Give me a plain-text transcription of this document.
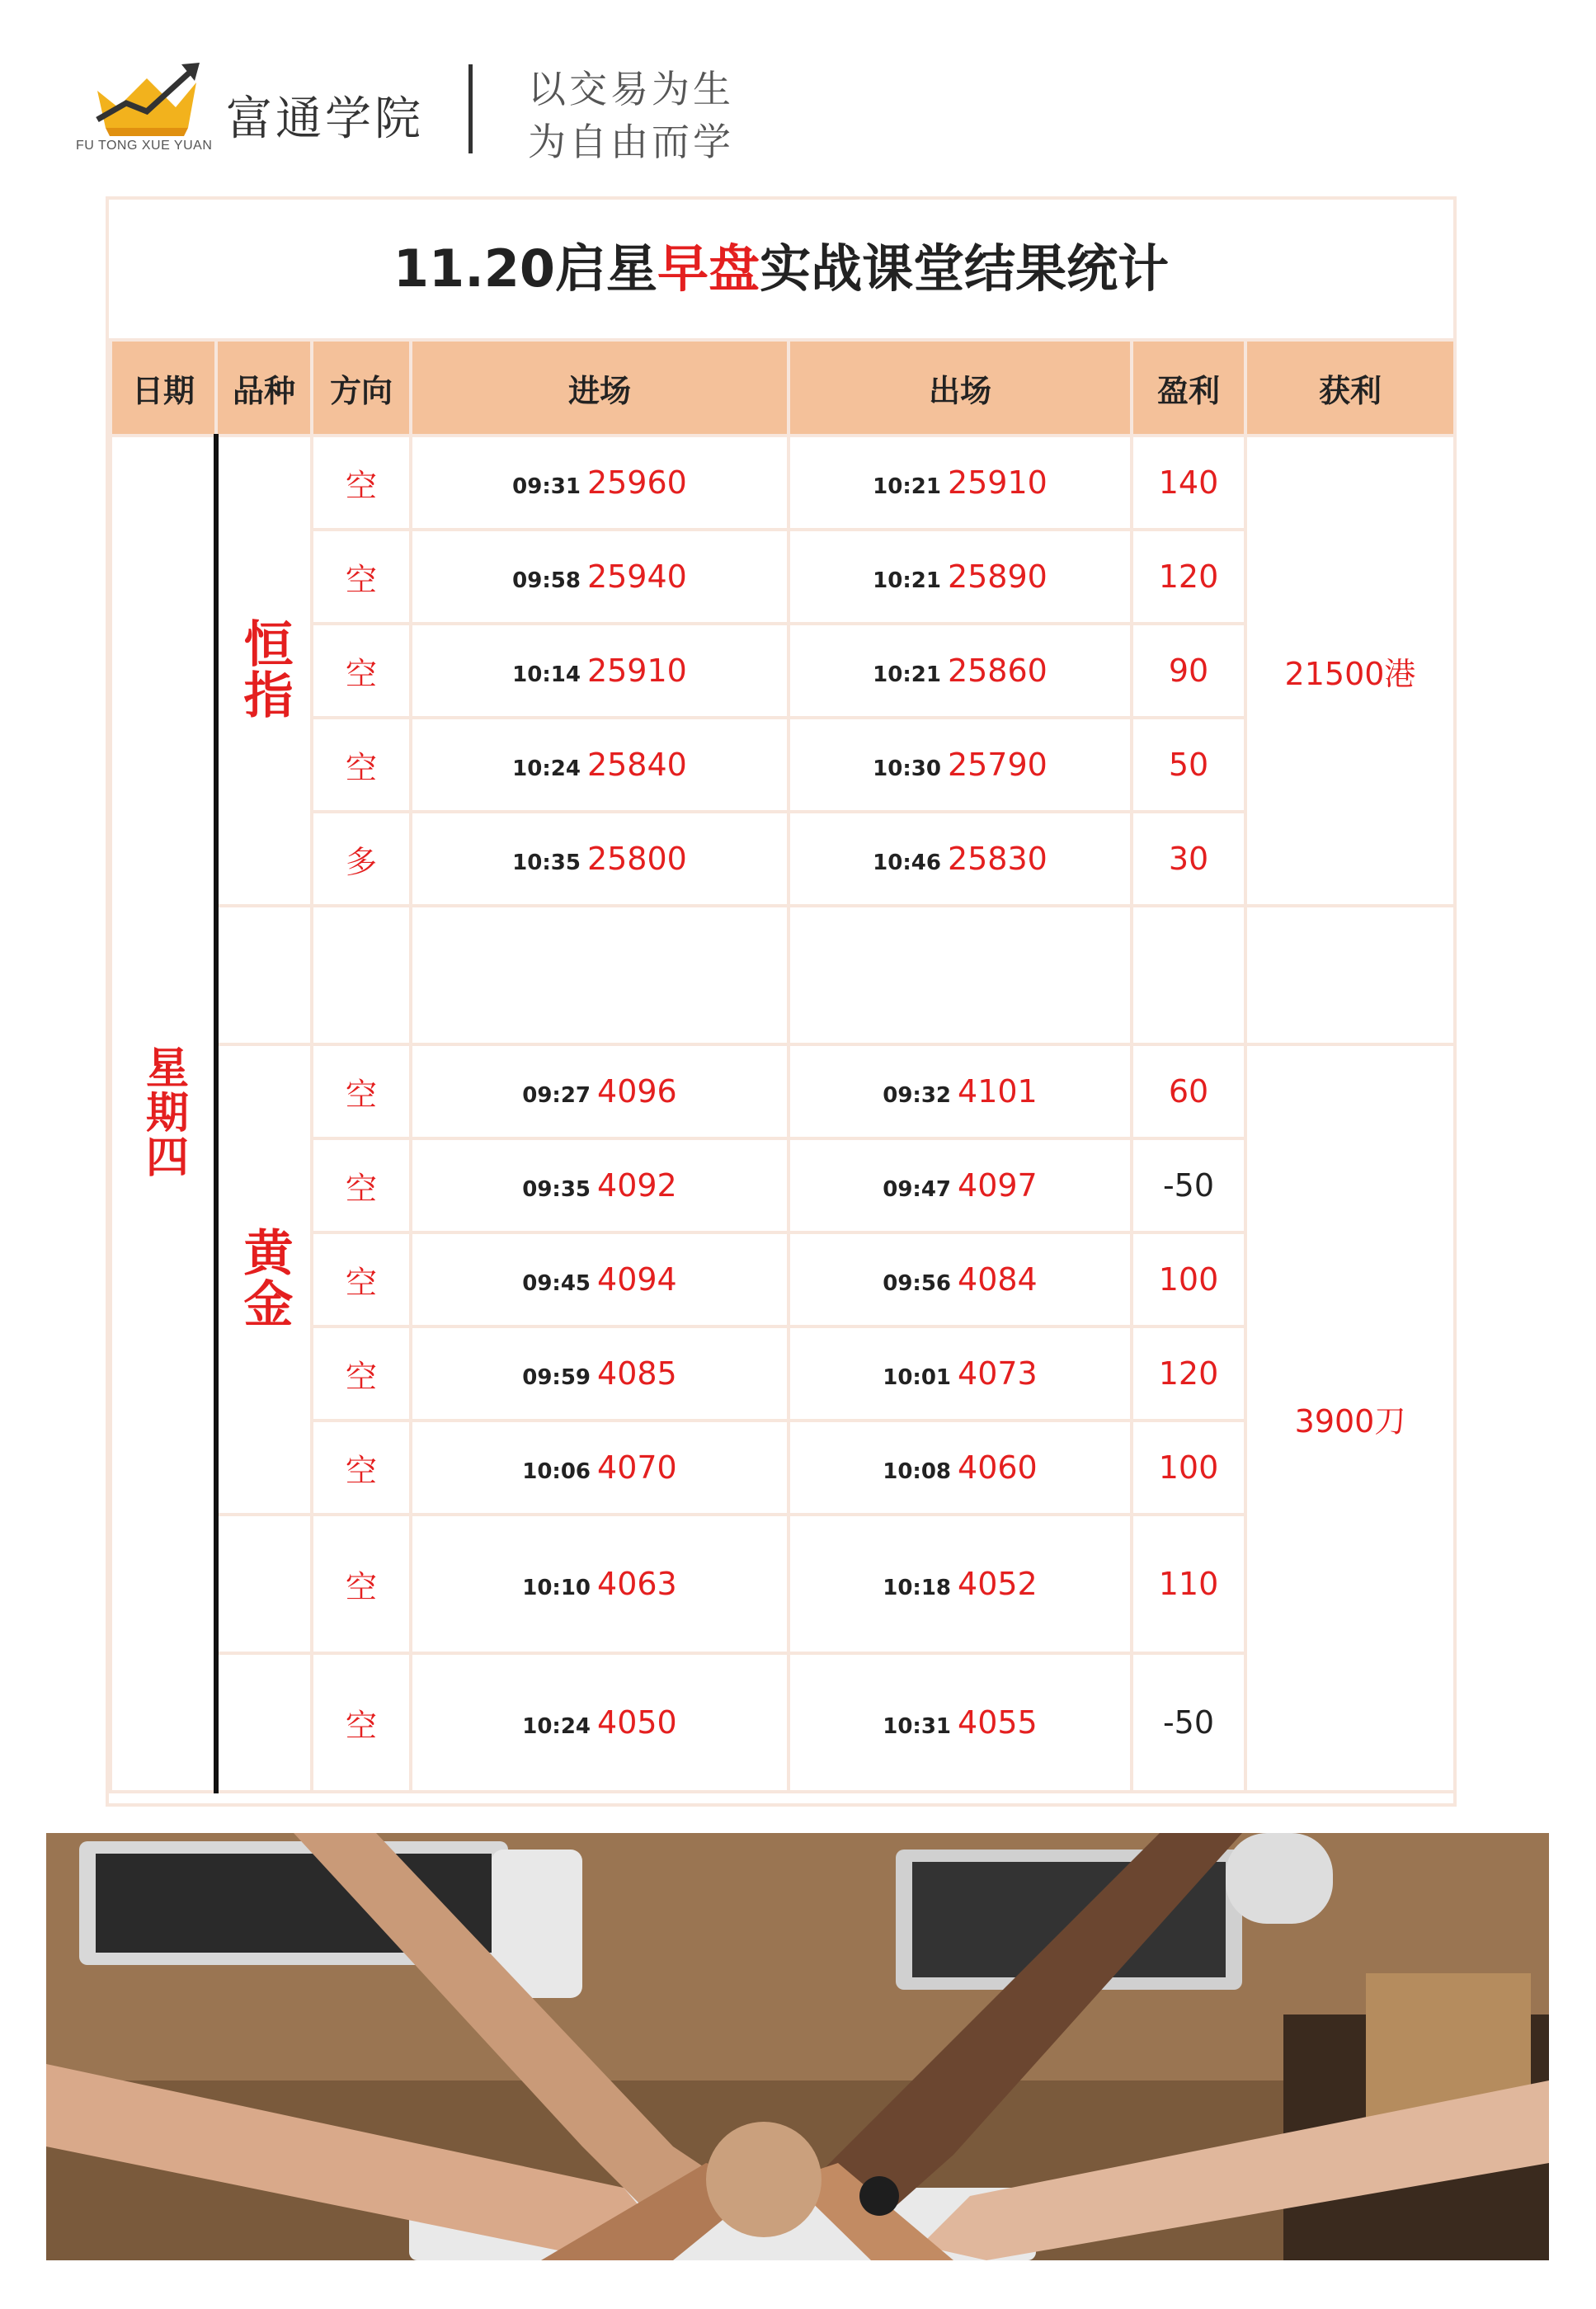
FU TONG XUE YUAN 富通学院
以交易为生
为自由而学
11.20启星早盘实战课堂结果统计
日期	品种	方向	进场	出场	盈利	获利
星期四	恒指	空	09:31 25960	10:21 25910	140	21500港
		空	09:58 25940	10:21 25890	120	
		空	10:14 25910	10:21 25860	90	
		空	10:24 25840	10:30 25790	50	
		多	10:35 25800	10:46 25830	30	

	黄金	空	09:27 4096	09:32 4101	60	3900刀
		空	09:35 4092	09:47 4097	-50	
		空	09:45 4094	09:56 4084	100	
		空	09:59 4085	10:01 4073	120	
		空	10:06 4070	10:08 4060	100	
		空	10:10 4063	10:18 4052	110	
		空	10:24 4050	10:31 4055	-50	
